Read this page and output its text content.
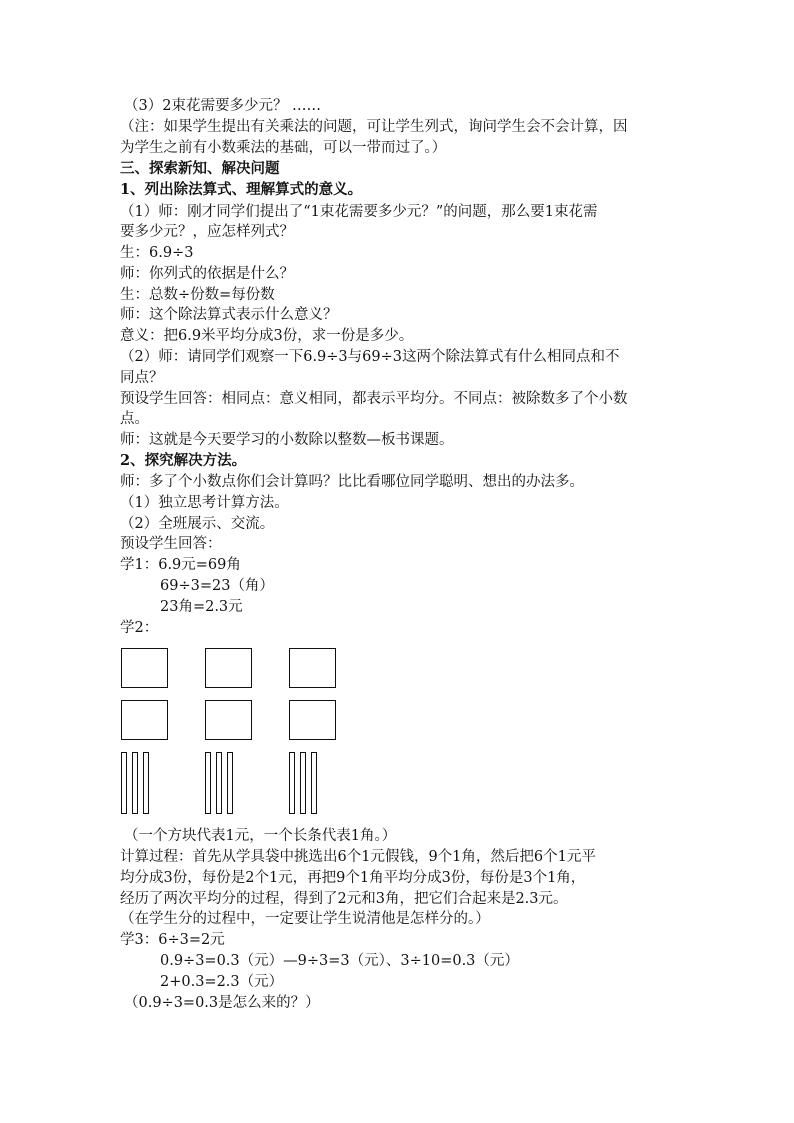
（3）2束花需要多少元？ ……
（注：如果学生提出有关乘法的问题，可让学生列式，询问学生会不会计算，因
为学生之前有小数乘法的基础，可以一带而过了。）
三、探索新知、解决问题
1、列出除法算式、理解算式的意义。
（1）师：刚才同学们提出了“1束花需要多少元？”的问题，那么要1束花需
要多少元？，应怎样列式？
生：6.9÷3
师：你列式的依据是什么？
生：总数÷份数=每份数
师：这个除法算式表示什么意义？
意义：把6.9米平均分成3份，求一份是多少。
（2）师：请同学们观察一下6.9÷3与69÷3这两个除法算式有什么相同点和不
同点？
预设学生回答：相同点：意义相同，都表示平均分。不同点：被除数多了个小数
点。
师：这就是今天要学习的小数除以整数—板书课题。
2、探究解决方法。
师：多了个小数点你们会计算吗？比比看哪位同学聪明、想出的办法多。
（1）独立思考计算方法。
（2）全班展示、交流。
预设学生回答：
学1：6.9元=69角
69÷3=23（角）
23角=2.3元
学2：
（一个方块代表1元，一个长条代表1角。）
计算过程：首先从学具袋中挑选出6个1元假钱，9个1角，然后把6个1元平
均分成3份，每份是2个1元，再把9个1角平均分成3份，每份是3个1角，
经历了两次平均分的过程，得到了2元和3角，把它们合起来是2.3元。
（在学生分的过程中，一定要让学生说清他是怎样分的。）
学3：6÷3=2元
0.9÷3=0.3（元）—9÷3=3（元）、3÷10=0.3（元）
2+0.3=2.3（元）
（0.9÷3=0.3是怎么来的？）
